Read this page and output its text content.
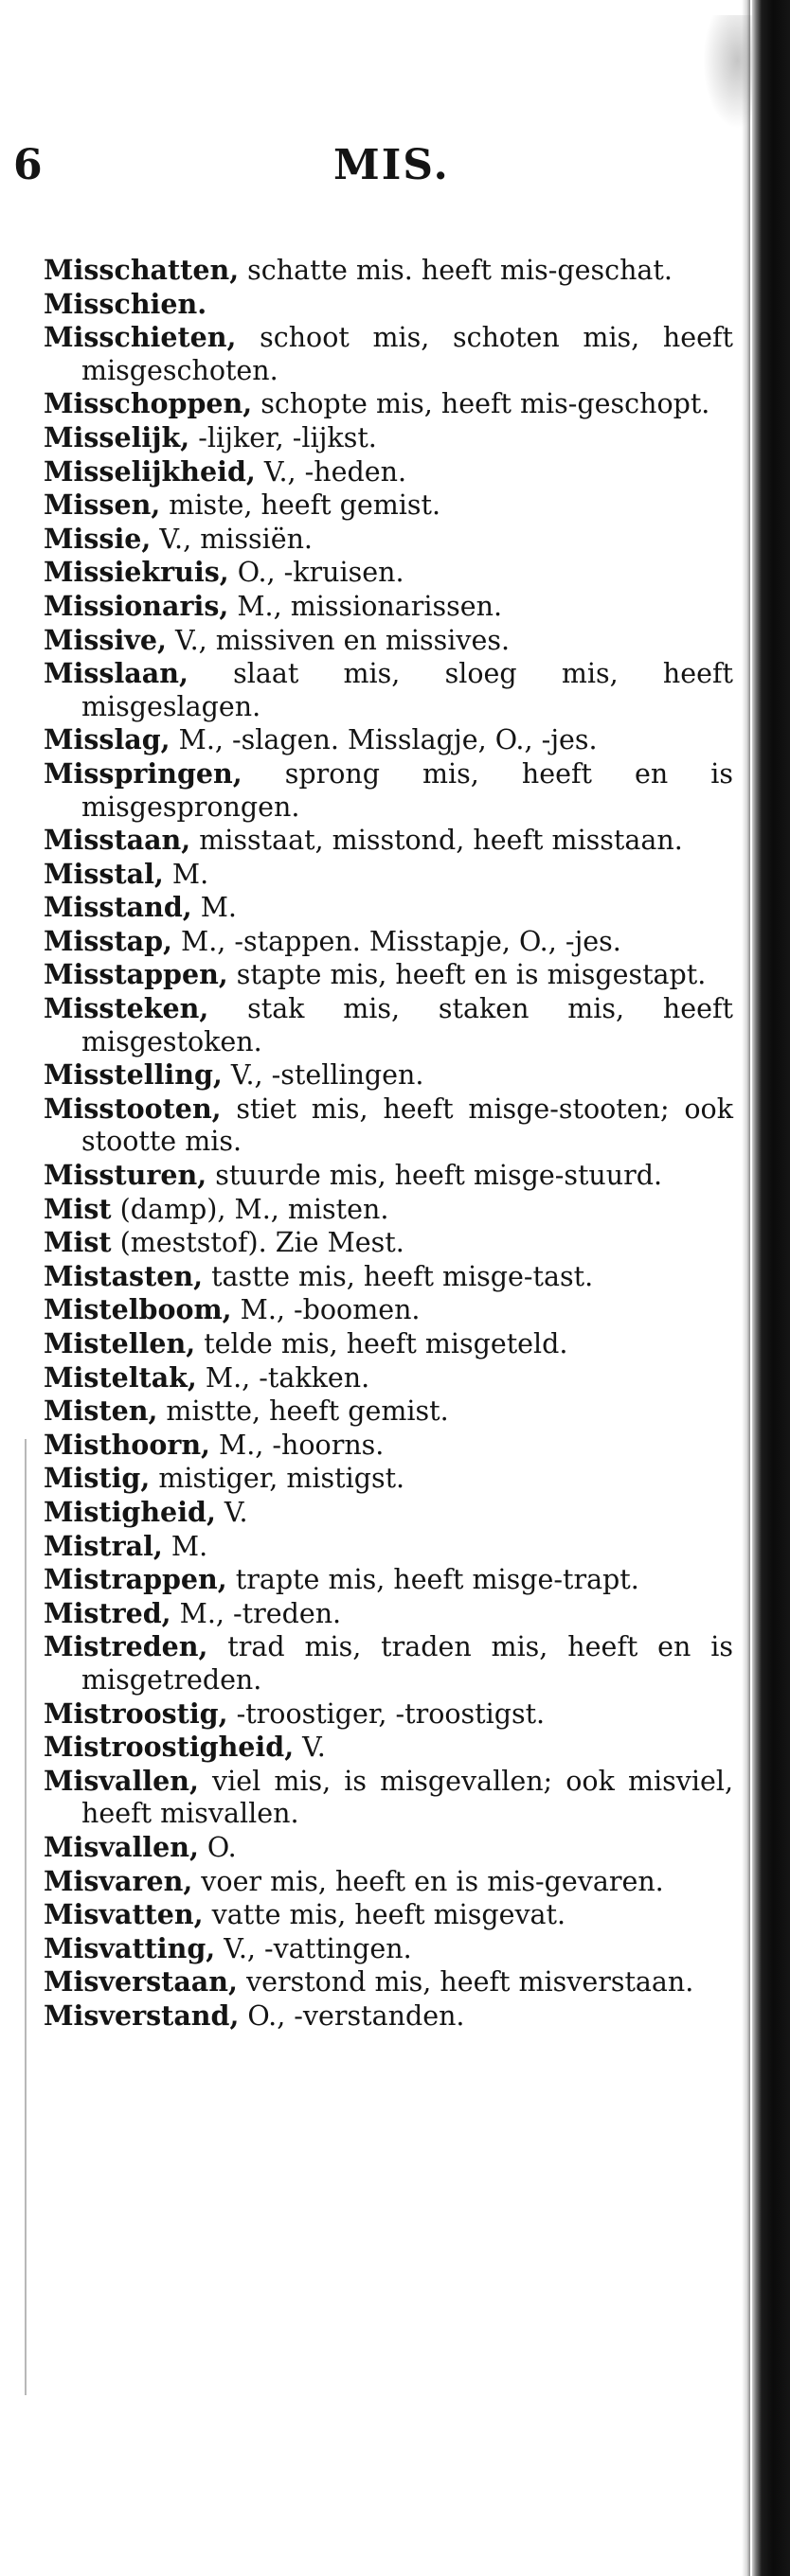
6	MIS.
Misschatten, schatte mis. heeft mis-geschat.
Misschien.
Misschieten, schoot mis, schoten mis, heeft misgeschoten.
Misschoppen, schopte mis, heeft mis-geschopt.
Misselijk, -lijker, -lijkst.
Misselijkheid, V., -heden.
Missen, miste, heeft gemist.
Missie, V., missiën.
Missiekruis, O., -kruisen.
Missionaris, M., missionarissen.
Missive, V., missiven en missives.
Misslaan, slaat mis, sloeg mis, heeft misgeslagen.
Misslag, M., -slagen. Misslagje, O., -jes.
Misspringen, sprong mis, heeft en is misgesprongen.
Misstaan, misstaat, misstond, heeft misstaan.
Misstal, M.
Misstand, M.
Misstap, M., -stappen. Misstapje, O., -jes.
Misstappen, stapte mis, heeft en is misgestapt.
Missteken, stak mis, staken mis, heeft misgestoken.
Misstelling, V., -stellingen.
Misstooten, stiet mis, heeft misge-stooten; ook stootte mis.
Missturen, stuurde mis, heeft misge-stuurd.
Mist (damp), M., misten.
Mist (meststof). Zie Mest.
Mistasten, tastte mis, heeft misge-tast.
Mistelboom, M., -boomen.
Mistellen, telde mis, heeft misgeteld.
Misteltak, M., -takken.
Misten, mistte, heeft gemist.
Misthoorn, M., -hoorns.
Mistig, mistiger, mistigst.
Mistigheid, V.
Mistral, M.
Mistrappen, trapte mis, heeft misge-trapt.
Mistred, M., -treden.
Mistreden, trad mis, traden mis, heeft en is misgetreden.
Mistroostig, -troostiger, -troostigst.
Mistroostigheid, V.
Misvallen, viel mis, is misgevallen; ook misviel, heeft misvallen.
Misvallen, O.
Misvaren, voer mis, heeft en is mis-gevaren.
Misvatten, vatte mis, heeft misgevat.
Misvatting, V., -vattingen.
Misverstaan, verstond mis, heeft misverstaan.
Misverstand, O., -verstanden.
